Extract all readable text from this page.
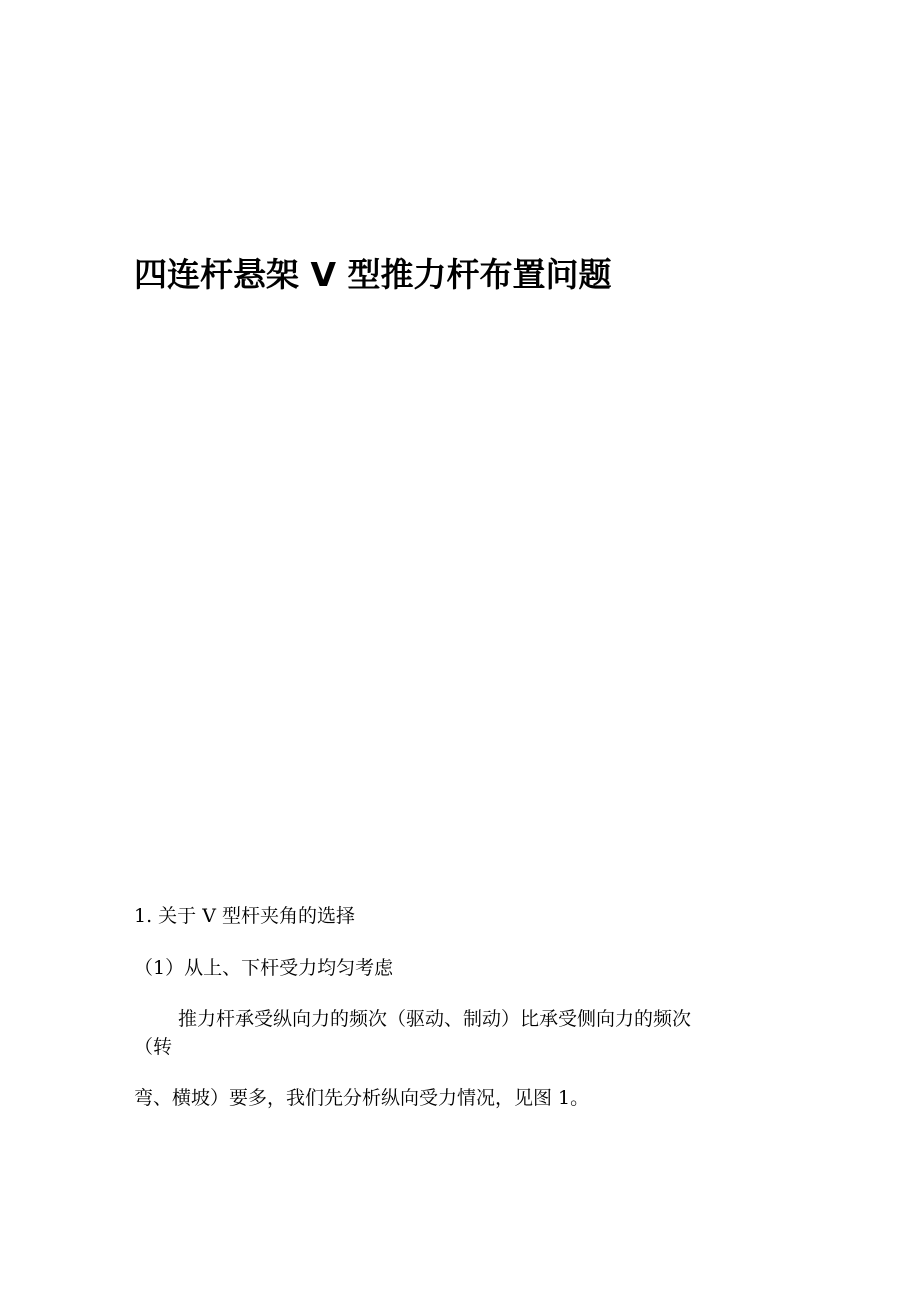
四连杆悬架 V 型推力杆布置问题

1. 关于 V 型杆夹角的选择

（1）从上、下杆受力均匀考虑

推力杆承受纵向力的频次（驱动、制动）比承受侧向力的频次

（转

弯、横坡）要多，我们先分析纵向受力情况，见图 1。
